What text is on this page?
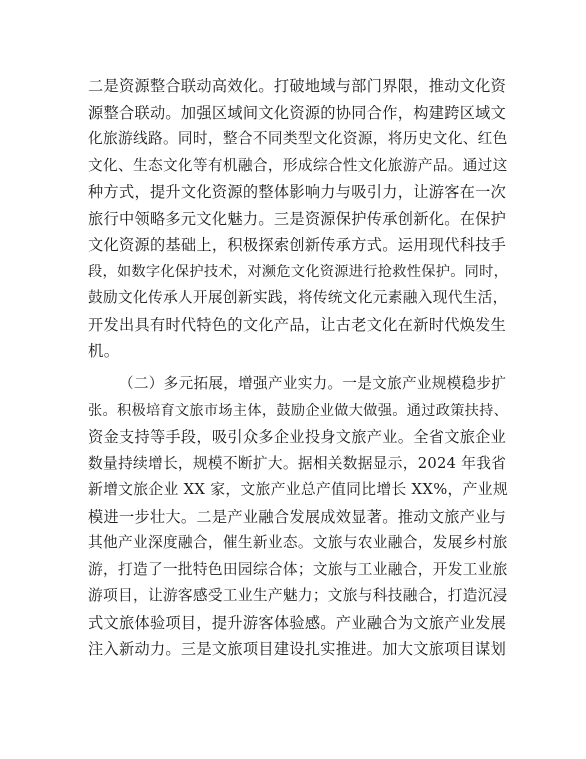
二是资源整合联动高效化。打破地域与部门界限，推动文化资
源整合联动。加强区域间文化资源的协同合作，构建跨区域文
化旅游线路。同时，整合不同类型文化资源，将历史文化、红色
文化、生态文化等有机融合，形成综合性文化旅游产品。通过这
种方式，提升文化资源的整体影响力与吸引力，让游客在一次
旅行中领略多元文化魅力。三是资源保护传承创新化。在保护
文化资源的基础上，积极探索创新传承方式。运用现代科技手
段，如数字化保护技术，对濒危文化资源进行抢救性保护。同时，
鼓励文化传承人开展创新实践，将传统文化元素融入现代生活，
开发出具有时代特色的文化产品，让古老文化在新时代焕发生
机。
（二）多元拓展，增强产业实力。一是文旅产业规模稳步扩
张。积极培育文旅市场主体，鼓励企业做大做强。通过政策扶持、
资金支持等手段，吸引众多企业投身文旅产业。全省文旅企业
数量持续增长，规模不断扩大。据相关数据显示，2024 年我省
新增文旅企业 XX 家，文旅产业总产值同比增长 XX%，产业规
模进一步壮大。二是产业融合发展成效显著。推动文旅产业与
其他产业深度融合，催生新业态。文旅与农业融合，发展乡村旅
游，打造了一批特色田园综合体；文旅与工业融合，开发工业旅
游项目，让游客感受工业生产魅力；文旅与科技融合，打造沉浸
式文旅体验项目，提升游客体验感。产业融合为文旅产业发展
注入新动力。三是文旅项目建设扎实推进。加大文旅项目谋划
